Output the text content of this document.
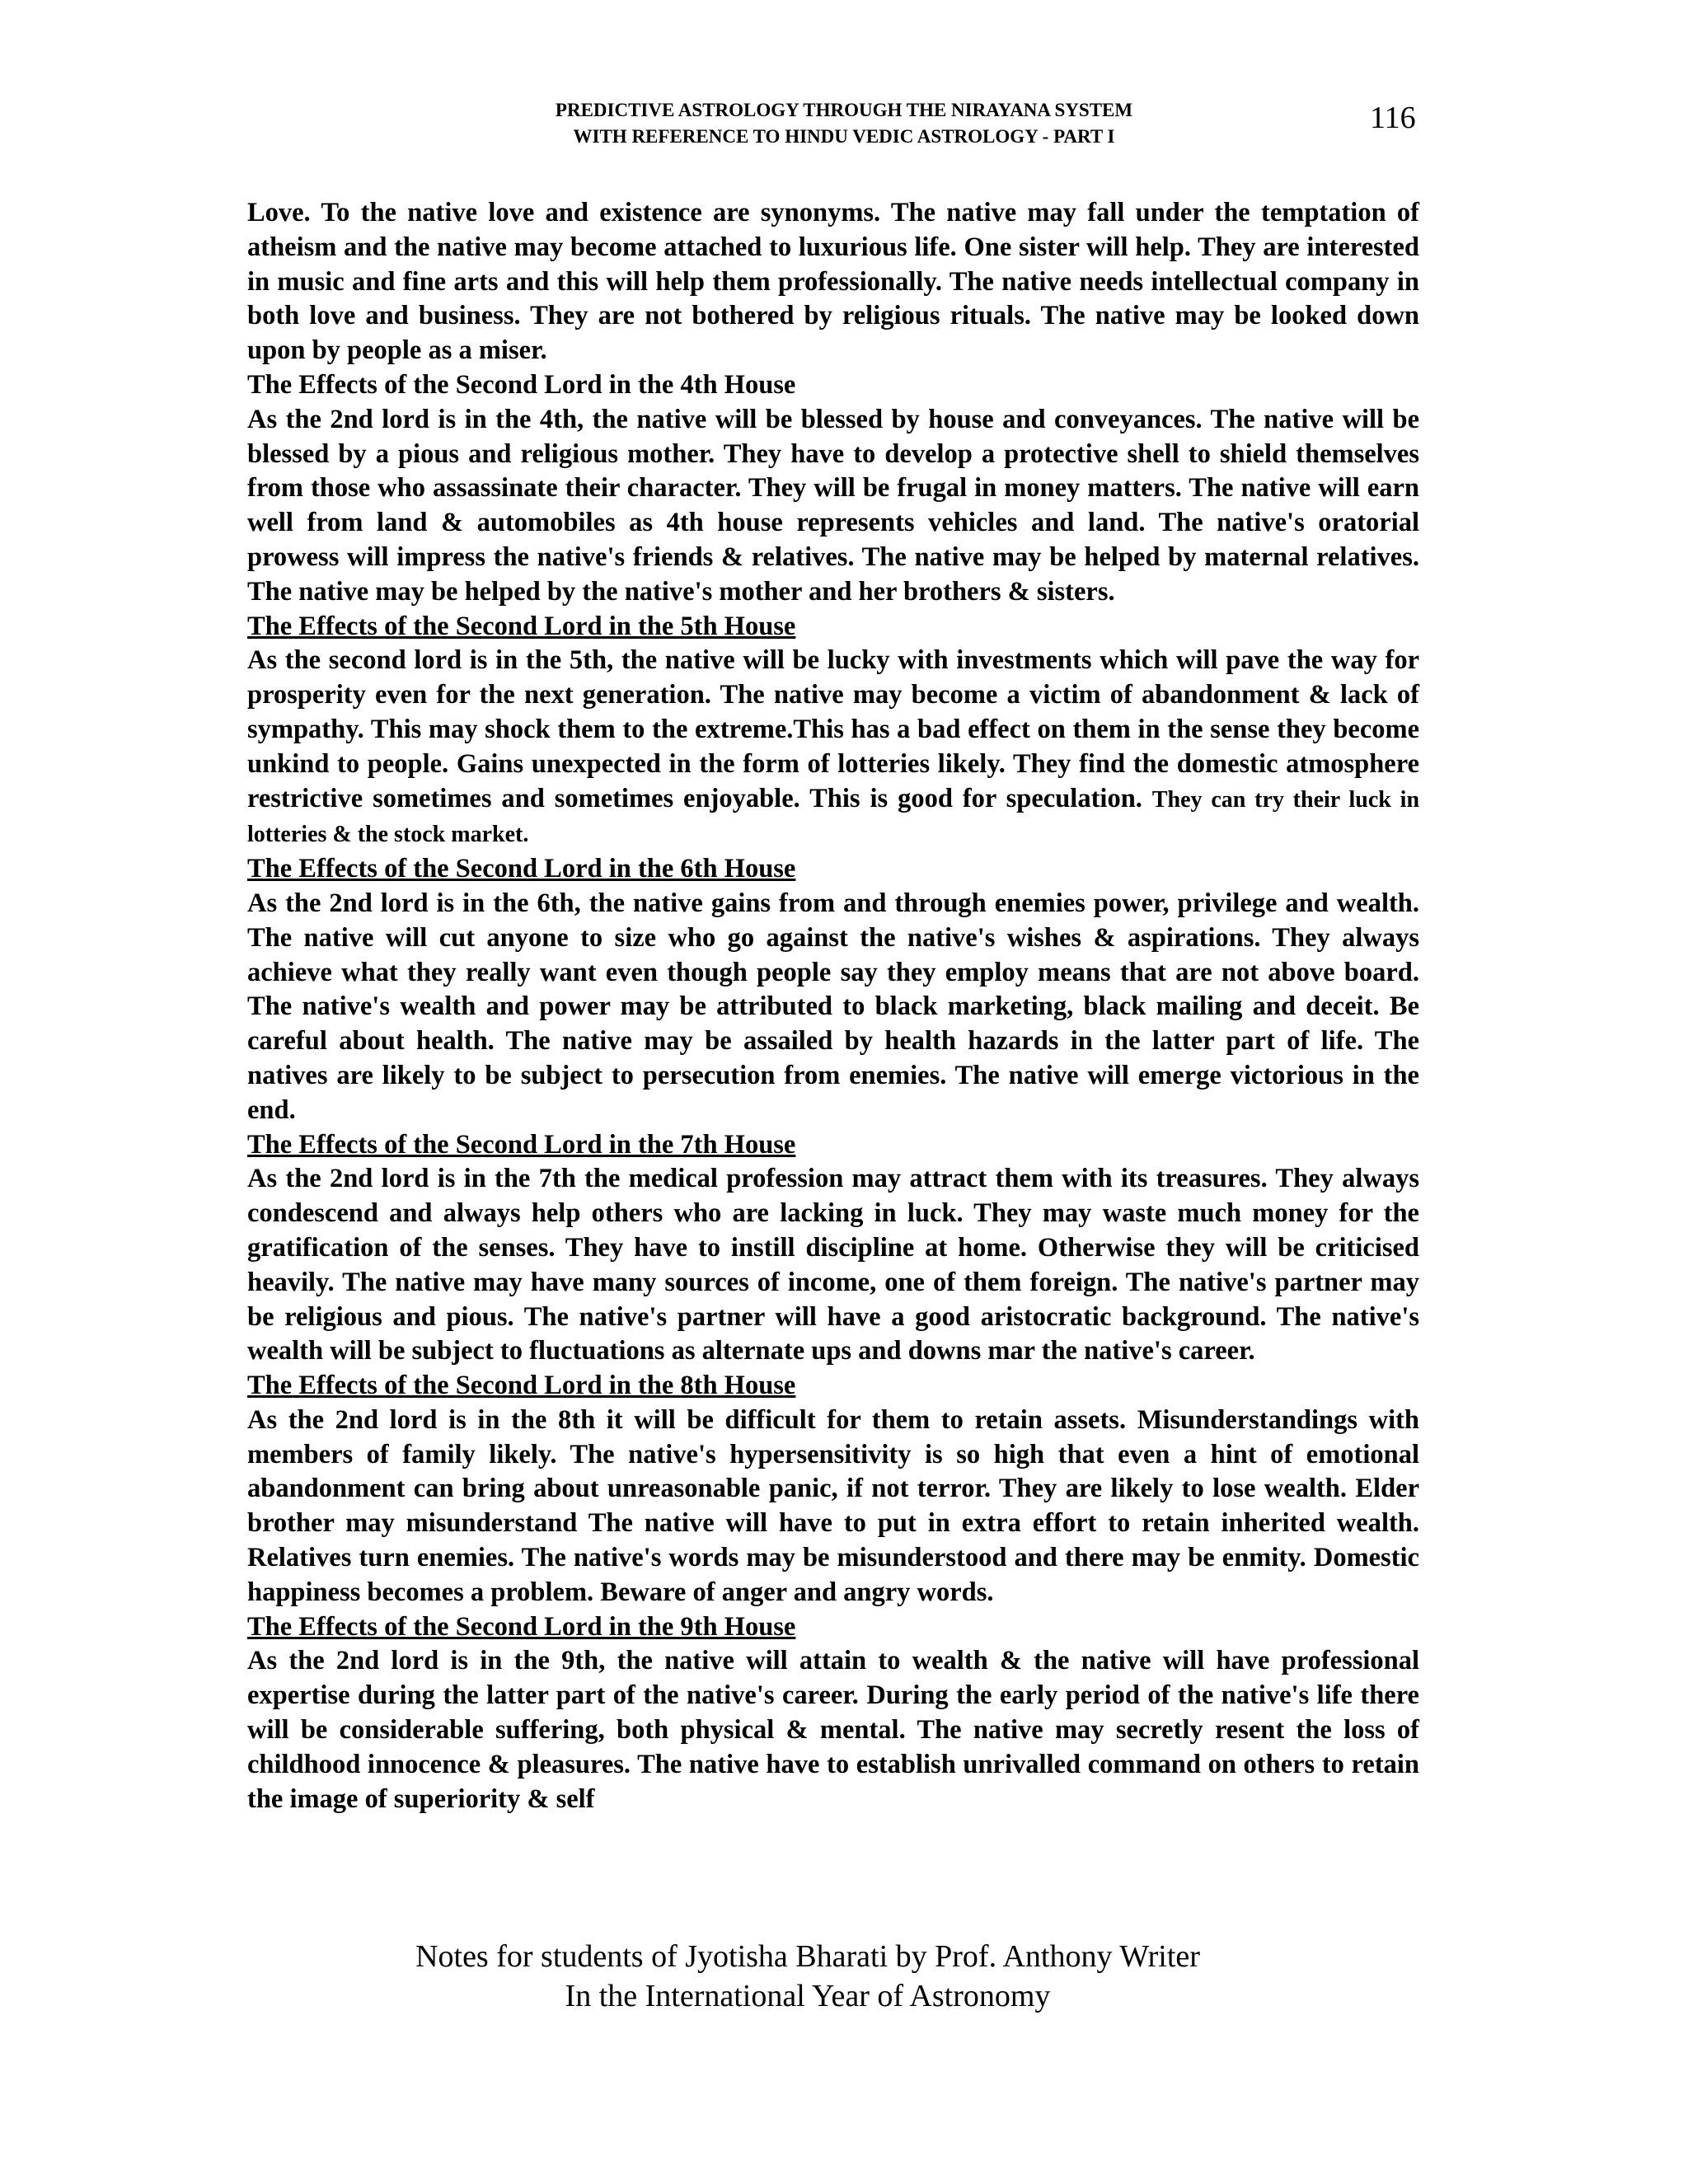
PREDICTIVE ASTROLOGY THROUGH THE NIRAYANA SYSTEM
WITH REFERENCE TO HINDU VEDIC ASTROLOGY - PART I
116

Love. To the native love and existence are synonyms. The native may fall under the temptation of atheism and the native may become attached to luxurious life. One sister will help. They are interested in music and fine arts and this will help them professionally. The native needs intellectual company in both love and business. They are not bothered by religious rituals. The native may be looked down upon by people as a miser.

The Effects of the Second Lord in the 4th House

As the 2nd lord is in the 4th, the native will be blessed by house and conveyances. The native will be blessed by a pious and religious mother. They have to develop a protective shell to shield themselves from those who assassinate their character. They will be frugal in money matters. The native will earn well from land & automobiles as 4th house represents vehicles and land. The native's oratorial prowess will impress the native's friends & relatives. The native may be helped by maternal relatives. The native may be helped by the native's mother and her brothers & sisters.

The Effects of the Second Lord in the 5th House

As the second lord is in the 5th, the native will be lucky with investments which will pave the way for prosperity even for the next generation. The native may become a victim of abandonment & lack of sympathy. This may shock them to the extreme.This has a bad effect on them in the sense they become unkind to people. Gains unexpected in the form of lotteries likely. They find the domestic atmosphere restrictive sometimes and sometimes enjoyable. This is good for speculation. They can try their luck in lotteries & the stock market.

The Effects of the Second Lord in the 6th House

As the 2nd lord is in the 6th, the native gains from and through enemies power, privilege and wealth. The native will cut anyone to size who go against the native's wishes & aspirations. They always achieve what they really want even though people say they employ means that are not above board. The native's wealth and power may be attributed to black marketing, black mailing and deceit. Be careful about health. The native may be assailed by health hazards in the latter part of life. The natives are likely to be subject to persecution from enemies. The native will emerge victorious in the end.

The Effects of the Second Lord in the 7th House

As the 2nd lord is in the 7th the medical profession may attract them with its treasures. They always condescend and always help others who are lacking in luck. They may waste much money for the gratification of the senses. They have to instill discipline at home. Otherwise they will be criticised heavily. The native may have many sources of income, one of them foreign. The native's partner may be religious and pious. The native's partner will have a good aristocratic background. The native's wealth will be subject to fluctuations as alternate ups and downs mar the native's career.

The Effects of the Second Lord in the 8th House

As the 2nd lord is in the 8th it will be difficult for them to retain assets. Misunderstandings with members of family likely. The native's hypersensitivity is so high that even a hint of emotional abandonment can bring about unreasonable panic, if not terror. They are likely to lose wealth. Elder brother may misunderstand The native will have to put in extra effort to retain inherited wealth. Relatives turn enemies. The native's words may be misunderstood and there may be enmity. Domestic happiness becomes a problem. Beware of anger and angry words.

The Effects of the Second Lord in the 9th House

As the 2nd lord is in the 9th, the native will attain to wealth & the native will have professional expertise during the latter part of the native's career. During the early period of the native's life there will be considerable suffering, both physical & mental. The native may secretly resent the loss of childhood innocence & pleasures. The native have to establish unrivalled command on others to retain the image of superiority & self

Notes for students of Jyotisha Bharati by Prof. Anthony Writer
In the International Year of Astronomy
